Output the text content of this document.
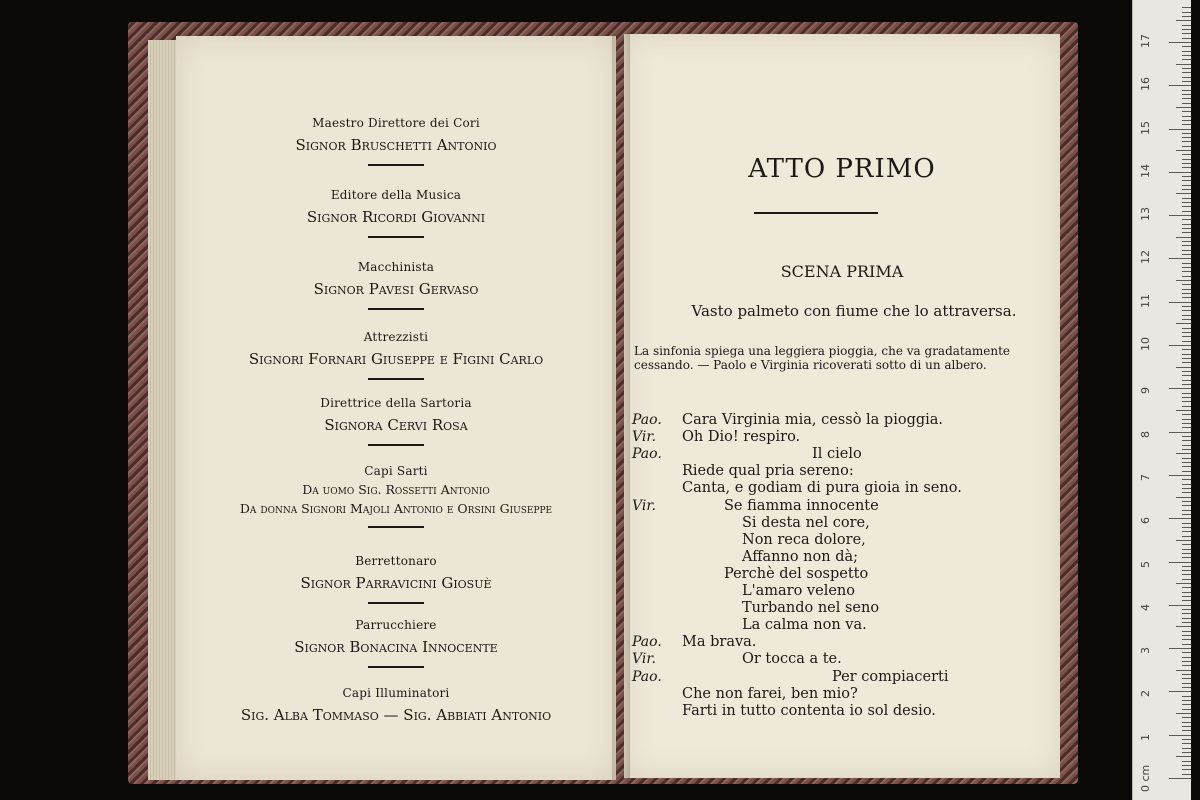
Maestro Direttore dei Cori
Signor Bruschetti Antonio
Editore della Musica
Signor Ricordi Giovanni
Macchinista
Signor Pavesi Gervaso
Attrezzisti
Signori Fornari Giuseppe e Figini Carlo
Direttrice della Sartoria
Signora Cervi Rosa
Capi Sarti
Da uomo Sig. Rossetti Antonio
Da donna Signori Majoli Antonio e Orsini Giuseppe
Berrettonaro
Signor Parravicini Giosuè
Parrucchiere
Signor Bonacina Innocente
Capi Illuminatori
Sig. Alba Tommaso — Sig. Abbiati Antonio
ATTO PRIMO
SCENA PRIMA
Vasto palmeto con fiume che lo attraversa.
La sinfonia spiega una leggiera pioggia, che va gradatamente cessando. — Paolo e Virginia ricoverati sotto di un albero.
Pao. Cara Virginia mia, cessò la pioggia.
Vir. Oh Dio! respiro.
Pao.	Il cielo
Riede qual pria sereno:
Canta, e godiam di pura gioia in seno.
Vir.	Se fiamma innocente
Si desta nel core,
Non reca dolore,
Affanno non dà;
Perchè del sospetto
L'amaro veleno
Turbando nel seno
La calma non va.
Pao. Ma brava.
Vir.	Or tocca a te.
Pao.	Per compiacerti
Che non farei, ben mio?
Farti in tutto contenta io sol desio.
0 cm
1
2
3
4
5
6
7
8
9
10
11
12
13
14
15
16
17
